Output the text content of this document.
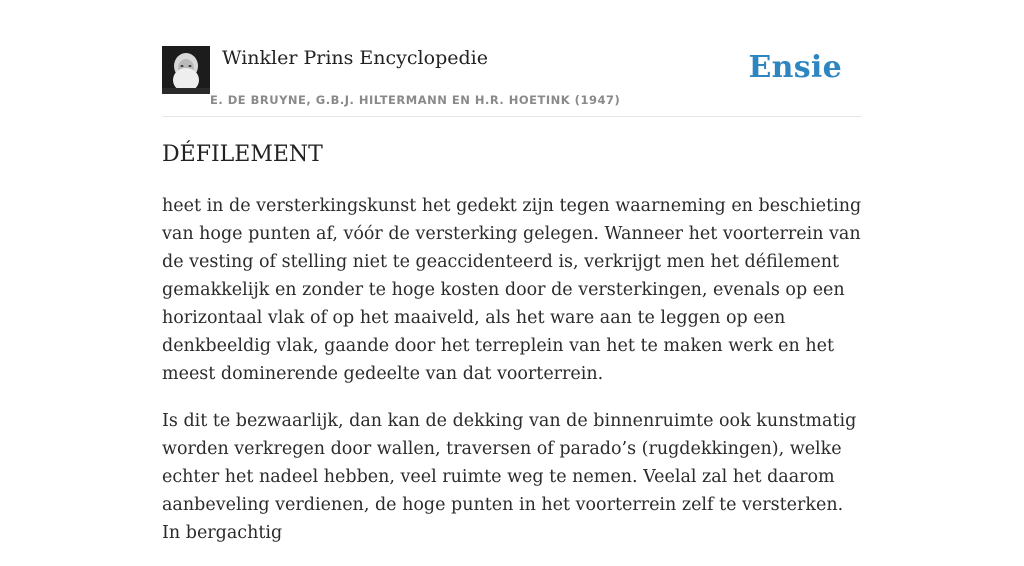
Winkler Prins Encyclopedie
E. DE BRUYNE, G.B.J. HILTERMANN EN H.R. HOETINK (1947)
Ensie
DÉFILEMENT

heet in de versterkingskunst het gedekt zijn tegen waarneming en beschieting van hoge punten af, vóór de versterking gelegen. Wanneer het voorterrein van de vesting of stelling niet te geaccidenteerd is, verkrijgt men het défilement gemakkelijk en zonder te hoge kosten door de versterkingen, evenals op een horizontaal vlak of op het maaiveld, als het ware aan te leggen op een denkbeeldig vlak, gaande door het terreplein van het te maken werk en het meest dominerende gedeelte van dat voorterrein.

Is dit te bezwaarlijk, dan kan de dekking van de binnenruimte ook kunstmatig worden verkregen door wallen, traversen of parado’s (rugdekkingen), welke echter het nadeel hebben, veel ruimte weg te nemen. Veelal zal het daarom aanbeveling verdienen, de hoge punten in het voorterrein zelf te versterken. In bergachtig
